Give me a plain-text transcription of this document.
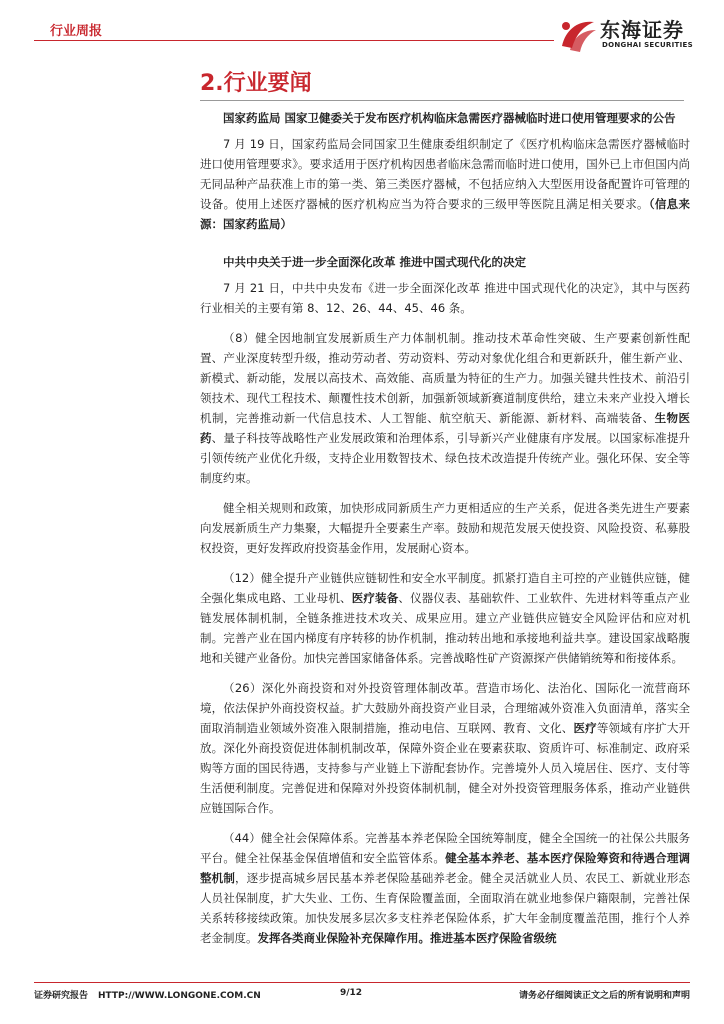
行业周报	东海证券
DONGHAI SECURITIES
2.行业要闻
国家药监局 国家卫健委关于发布医疗机构临床急需医疗器械临时进口使用管理要求的公告

7 月 19 日，国家药监局会同国家卫生健康委组织制定了《医疗机构临床急需医疗器械临时进口使用管理要求》。要求适用于医疗机构因患者临床急需而临时进口使用，国外已上市但国内尚无同品种产品获准上市的第一类、第三类医疗器械，不包括应纳入大型医用设备配置许可管理的设备。使用上述医疗器械的医疗机构应当为符合要求的三级甲等医院且满足相关要求。（信息来源：国家药监局）

中共中央关于进一步全面深化改革 推进中国式现代化的决定

7 月 21 日，中共中央发布《进一步全面深化改革 推进中国式现代化的决定》，其中与医药行业相关的主要有第 8、12、26、44、45、46 条。

（8）健全因地制宜发展新质生产力体制机制。推动技术革命性突破、生产要素创新性配置、产业深度转型升级，推动劳动者、劳动资料、劳动对象优化组合和更新跃升，催生新产业、新模式、新动能，发展以高技术、高效能、高质量为特征的生产力。加强关键共性技术、前沿引领技术、现代工程技术、颠覆性技术创新，加强新领域新赛道制度供给，建立未来产业投入增长机制，完善推动新一代信息技术、人工智能、航空航天、新能源、新材料、高端装备、生物医药、量子科技等战略性产业发展政策和治理体系，引导新兴产业健康有序发展。以国家标准提升引领传统产业优化升级，支持企业用数智技术、绿色技术改造提升传统产业。强化环保、安全等制度约束。

健全相关规则和政策，加快形成同新质生产力更相适应的生产关系，促进各类先进生产要素向发展新质生产力集聚，大幅提升全要素生产率。鼓励和规范发展天使投资、风险投资、私募股权投资，更好发挥政府投资基金作用，发展耐心资本。

（12）健全提升产业链供应链韧性和安全水平制度。抓紧打造自主可控的产业链供应链，健全强化集成电路、工业母机、医疗装备、仪器仪表、基础软件、工业软件、先进材料等重点产业链发展体制机制，全链条推进技术攻关、成果应用。建立产业链供应链安全风险评估和应对机制。完善产业在国内梯度有序转移的协作机制，推动转出地和承接地利益共享。建设国家战略腹地和关键产业备份。加快完善国家储备体系。完善战略性矿产资源探产供储销统筹和衔接体系。

（26）深化外商投资和对外投资管理体制改革。营造市场化、法治化、国际化一流营商环境，依法保护外商投资权益。扩大鼓励外商投资产业目录，合理缩减外资准入负面清单，落实全面取消制造业领域外资准入限制措施，推动电信、互联网、教育、文化、医疗等领域有序扩大开放。深化外商投资促进体制机制改革，保障外资企业在要素获取、资质许可、标准制定、政府采购等方面的国民待遇，支持参与产业链上下游配套协作。完善境外人员入境居住、医疗、支付等生活便利制度。完善促进和保障对外投资体制机制，健全对外投资管理服务体系，推动产业链供应链国际合作。

（44）健全社会保障体系。完善基本养老保险全国统筹制度，健全全国统一的社保公共服务平台。健全社保基金保值增值和安全监管体系。健全基本养老、基本医疗保险筹资和待遇合理调整机制，逐步提高城乡居民基本养老保险基础养老金。健全灵活就业人员、农民工、新就业形态人员社保制度，扩大失业、工伤、生育保险覆盖面，全面取消在就业地参保户籍限制，完善社保关系转移接续政策。加快发展多层次多支柱养老保险体系，扩大年金制度覆盖范围，推行个人养老金制度。发挥各类商业保险补充保障作用。推进基本医疗保险省级统

证券研究报告 HTTP://WWW.LONGONE.COM.CN	9/12	请务必仔细阅读正文之后的所有说明和声明
